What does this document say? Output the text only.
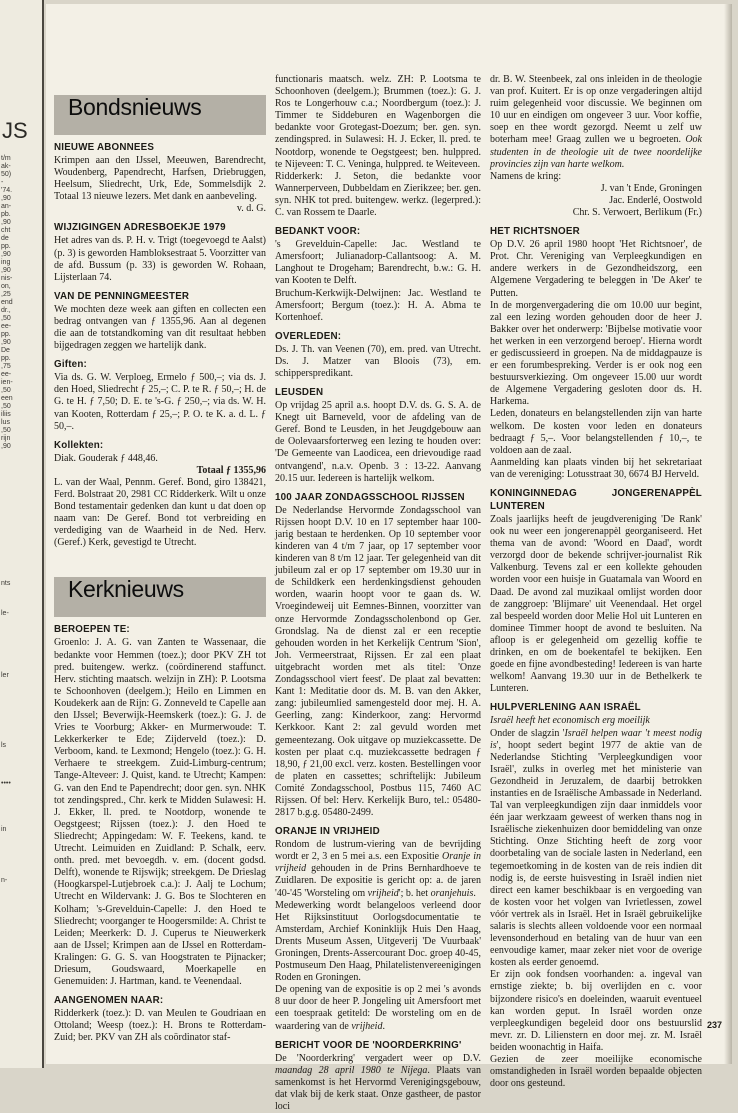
JS
t/m
ak-
50)
-
'74.
,90
an-
pb.
,90
cht
de
pp.
,90
ing
,90
nis-
on,
,25
end
dr.,
,50
ee-
pp.
,90
De
pp.
,75
ee-
ien-
,50
een
,50
iliis
lus
,50
rijn
,90
nts
le-
ler
ls
••••
in
n-
Bondsnieuws
NIEUWE ABONNEES

Krimpen aan den IJssel, Meeuwen, Barendrecht, Woudenberg, Papendrecht, Harfsen, Driebruggen, Heelsum, Sliedrecht, Urk, Ede, Sommelsdijk 2. Totaal 13 nieuwe lezers. Met dank en aanbeveling.

v. d. G.

WIJZIGINGEN ADRESBOEKJE 1979

Het adres van ds. P. H. v. Trigt (toegevoegd te Aalst) (p. 3) is geworden Hambloksestraat 5. Voorzitter van de afd. Bussum (p. 33) is geworden W. Rohaan, Lijsterlaan 74.

VAN DE PENNINGMEESTER

We mochten deze week aan giften en collecten een bedrag ontvangen van ƒ 1355,96. Aan al degenen die aan de totstandkoming van dit resultaat hebben bijgedragen zeggen we hartelijk dank.

Giften:

Via ds. G. W. Verploeg, Ermelo ƒ 500,–; via ds. J. den Hoed, Sliedrecht ƒ 25,–; C. P. te R. ƒ 50,–; H. de G. te H. ƒ 7,50; D. E. te 's-G. ƒ 250,–; via ds. W. H. van Kooten, Rotterdam ƒ 25,–; P. O. te K. a. d. L. ƒ 50,–.

Kollekten:

Diak. Gouderak ƒ 448,46.

Totaal ƒ 1355,96

L. van der Waal, Pennm. Geref. Bond, giro 138421, Ferd. Bolstraat 20, 2981 CC Ridderkerk. Wilt u onze Bond testamentair gedenken dan kunt u dat doen op naam van: De Geref. Bond tot verbreiding en verdediging van de Waarheid in de Ned. Herv. (Geref.) Kerk, gevestigd te Utrecht.

Kerknieuws
BEROEPEN TE:

Groenlo: J. A. G. van Zanten te Wassenaar, die bedankte voor Hemmen (toez.); door PKV ZH tot pred. buitengew. werkz. (coördinerend staffunct. Herv. stichting maatsch. welzijn in ZH): P. Lootsma te Schoonhoven (deelgem.); Heilo en Limmen en Koudekerk aan de Rijn: G. Zonneveld te Capelle aan den IJssel; Beverwijk-Heemskerk (toez.): G. J. de Vries te Voorburg; Akker- en Murmerwoude: T. Lekkerkerker te Ede; Zijderveld (toez.): D. Verboom, kand. te Lexmond; Hengelo (toez.): G. H. Verhaere te streekgem. Zuid-Limburg-centrum; Tange-Alteveer: J. Quist, kand. te Utrecht; Kampen: G. van den End te Papendrecht; door gen. syn. NHK tot zendingspred., Chr. kerk te Midden Sulawesi: H. J. Ekker, ll. pred. te Nootdorp, wonende te Oegstgeest; Rijssen (toez.): J. den Hoed te Sliedrecht; Appingedam: W. F. Teekens, kand. te Utrecht. Leimuiden en Zuidland: P. Schalk, eerv. onth. pred. met bevoegdh. v. em. (docent godsd. Delft), wonende te Rijswijk; streekgem. De Drieslag (Hoogkarspel-Lutjebroek c.a.): J. Aalj te Lochum; Utrecht en Wildervank: J. G. Bos te Slochteren en Kolham; 's-Greveldui​n-Capelle: J. den Hoed te Sliedrecht; voorganger te Hoogersmilde: A. Christ te Leiden; Meerkerk: D. J. Cuperus te Nieuwerkerk aan de IJssel; Krimpen aan de IJssel en Rotterdam-Kralingen: G. G. S. van Hoogstraten te Pijnacker; Driesum, Goudswaard, Moerkapelle en Genemuiden: J. Hartman, kand. te Veenendaal.

AANGENOMEN NAAR:

Ridderkerk (toez.): D. van Meulen te Goudriaan en Ottoland; Weesp (toez.): H. Brons te Rotterdam-Zuid; ber. PKV van ZH als coördinator staf-

functionaris maatsch. welz. ZH: P. Lootsma te Schoonhoven (deelgem.); Brummen (toez.): G. J. Ros te Longerhouw c.a.; Noordbergum (toez.): J. Timmer te Siddeburen en Wagenborgen die bedankte voor Grotegast-Doezum; ber. gen. syn. zendingspred. in Sulawesi: H. J. Ecker, ll. pred. te Nootdorp, wonende te Oegstgeest; ben. hulppred. te Nijeveen: T. C. Veninga, hulppred. te Weiteveen.

Ridderkerk: J. Seton, die bedankte voor Wannerperveen, Dubbeldam en Zierikzee; ber. gen. syn. NHK tot pred. buitengew. werkz. (legerpred.): C. van Rossem te Daarle.

BEDANKT VOOR:

's Greveldui​n-Capelle: Jac. Westland te Amersfoort; Julianadorp-Callantsoog: A. M. Langhout te Drogeham; Barendrecht, b.w.: G. H. van Kooten te Delft.

Bruchum-Kerkwijk-Delwijnen: Jac. Westland te Amersfoort; Bergum (toez.): H. A. Abma te Kortenhoef.

OVERLEDEN:

Ds. J. Th. van Veenen (70), em. pred. van Utrecht. Ds. J. Matzer van Bloois (73), em. schipperspredikant.

LEUSDEN

Op vrijdag 25 april a.s. hoopt D.V. ds. G. S. A. de Knegt uit Barneveld, voor de afdeling van de Geref. Bond te Leusden, in het Jeugdgebouw aan de Oolevaarsforterweg een lezing te houden over: 'De Gemeente van Laodicea, een drievoudige raad ontvangend', n.a.v. Openb. 3 : 13-22. Aanvang 20.15 uur. Iedereen is hartelijk welkom.

100 JAAR ZONDAGSSCHOOL RIJSSEN

De Nederlandse Hervormde Zondagsschool van Rijssen hoopt D.V. 10 en 17 september haar 100-jarig bestaan te herdenken. Op 10 september voor kinderen van 4 t/m 7 jaar, op 17 september voor kinderen van 8 t/m 12 jaar. Ter gelegenheid van dit jubileum zal er op 17 september om 19.30 uur in de Schildkerk een herdenkingsdienst gehouden worden, waarin hoopt voor te gaan ds. W. Vroegindeweij uit Eemnes-Binnen, voorzitter van onze Hervormde Zondagsscholenbond op Ger. Grondslag. Na de dienst zal er een receptie gehouden worden in het Kerkelijk Centrum 'Sion', Joh. Vermeerstraat, Rijssen. Er zal een plaat uitgebracht worden met als titel: 'Onze Zondagsschool viert feest'. De plaat zal bevatten: Kant 1: Meditatie door ds. M. B. van den Akker, zang: jubileumlied samengesteld door mej. H. A. Geerling, zang: Kinderkoor, zang: Hervormd Kerkkoor. Kant 2: zal gevuld worden met gemeentezang. Ook uitgave op muziekcassette. De kosten per plaat c.q. muziekcassette bedragen ƒ 18,90, ƒ 21,00 excl. verz. kosten. Bestellingen voor de platen en cassettes; schriftelijk: Jubileum Comité Zondagsschool, Postbus 115, 7460 AC Rijssen. Of bel: Herv. Kerkelijk Buro, tel.: 05480-2817 b.g.g. 05480-2499.

ORANJE IN VRIJHEID

Rondom de lustrum-viering van de bevrijding wordt er 2, 3 en 5 mei a.s. een Expositie Oranje in vrijheid gehouden in de Prins Bernhardhoeve te Zuidlaren. De expositie is gericht op: a. de jaren '40-'45 'Worsteling om vrijheid'; b. het oranjehuis.

Medewerking wordt belangeloos verleend door Het Rijksinstituut Oorlogsdocumentatie te Amsterdam, Archief Koninklijk Huis Den Haag, Drents Museum Assen, Uitgeverij 'De Vuurbaak' Groningen, Drents-Assercourant Doc. groep 40-45, Postmuseum Den Haag, Philatelistenvereenigingen Roden en Groningen.

De opening van de expositie is op 2 mei 's avonds 8 uur door de heer P. Jongeling uit Amersfoort met een toespraak getiteld: De worsteling om en de waardering van de vrijheid.

BERICHT VOOR DE 'NOORDERKRING'

De 'Noorderkring' vergadert weer op D.V. maandag 28 april 1980 te Nijega. Plaats van samenkomst is het Hervormd Verenigingsgebouw, dat vlak bij de kerk staat. Onze gastheer, de pastor loci

dr. B. W. Steenbeek, zal ons inleiden in de theologie van prof. Kuitert. Er is op onze vergaderingen altijd ruim gelegenheid voor discussie. We beginnen om 10 uur en eindigen om ongeveer 3 uur. Voor koffie, soep en thee wordt gezorgd. Neemt u zelf uw boterham mee! Graag zullen we u begroeten. Ook studenten in de theologie uit de twee noordelijke provincies zijn van harte welkom.

Namens de kring:

J. van 't Ende, Groningen

Jac. Enderlé, Oostwold

Chr. S. Verwoert, Berlikum (Fr.)

HET RICHTSNOER

Op D.V. 26 april 1980 hoopt 'Het Richtsnoer', de Prot. Chr. Vereniging van Verpleegkundigen en andere werkers in de Gezondheidszorg, een Algemene Vergadering te beleggen in 'De Aker' te Putten.

In de morgenvergadering die om 10.00 uur begint, zal een lezing worden gehouden door de heer J. Bakker over het onderwerp: 'Bijbelse motivatie voor het werken in een verzorgend beroep'. Hierna wordt er gediscussieerd in groepen. Na de middagpauze is er een forumbespreking. Verder is er ook nog een bestuursverkiezing. Om ongeveer 15.00 uur wordt de Algemene Vergadering gesloten door ds. H. Harkema.

Leden, donateurs en belangstellenden zijn van harte welkom. De kosten voor leden en donateurs bedraagt ƒ 5,–. Voor belangstellenden ƒ 10,–, te voldoen aan de zaal.

Aanmelding kan plaats vinden bij het sekretariaat van de vereniging: Lotusstraat 30, 6674 BJ Herveld.

KONINGINNEDAG	JONGERENAPPÈL
LUNTEREN

Zoals jaarlijks heeft de jeugdvereniging 'De Rank' ook nu weer een jongerenappèl georganiseerd. Het thema van de avond: 'Woord en Daad', wordt verzorgd door de bekende schrijver-journalist Rik Valkenburg. Tevens zal er een kollekte gehouden worden voor een huisje in Guatamala van Woord en Daad. De avond zal muzikaal omlijst worden door de zanggroep: 'Blijmare' uit Veenendaal. Het orgel zal bespeeld worden door Melie Hol uit Lunteren en dominee Timmer hoopt de avond te besluiten. Na afloop is er gelegenheid om gezellig koffie te drinken, en om de boekentafel te bekijken. Een goede en fijne avondbesteding! Iedereen is van harte welkom! Aanvang 19.30 uur in de Bethelkerk te Lunteren.

HULPVERLENING AAN ISRAËL

Israël heeft het economisch erg moeilijk

Onder de slagzin 'Israël helpen waar 't meest nodig is', hoopt sedert begint 1977 de aktie van de Nederlandse Stichting 'Verpleegkundigen voor Israël', zulks in overleg met het ministerie van Gezondheid in Jeruzalem, de daarbij betrokken instanties en de Israëlische Ambassade in Nederland.

Tal van verpleegkundigen zijn daar inmiddels voor één jaar werkzaam geweest of werken thans nog in Israëlische ziekenhuizen door bemiddeling van onze Stichting. Onze Stichting heeft de zorg voor doorbetaling van de sociale lasten in Nederland, een tegemoetkoming in de kosten van de reis indien dit nodig is, de eerste huisvesting in Israël indien niet direct een kamer beschikbaar is en vergoeding van de kosten voor het volgen van Ivrietlessen, zowel vóór vertrek als in Israël. Het in Israël gebruikelijke salaris is slechts alleen voldoende voor een normaal levensonderhoud en betaling van de huur van een eenvoudige kamer, maar zeker niet voor de overige kosten als eerder genoemd.

Er zijn ook fondsen voorhanden: a. ingeval van ernstige ziekte; b. bij overlijden en c. voor bijzondere risico's en doeleinden, waaruit eventueel kan worden geput. In Israël worden onze verpleegkundigen begeleid door ons bestuurslid mevr. zr. D. Lilienstern en door mej. zr. M. Israël beiden woonachtig in Haifa.

Gezien de zeer moeilijke economische omstandigheden in Israël worden bepaalde objecten door ons gesteund.

237
